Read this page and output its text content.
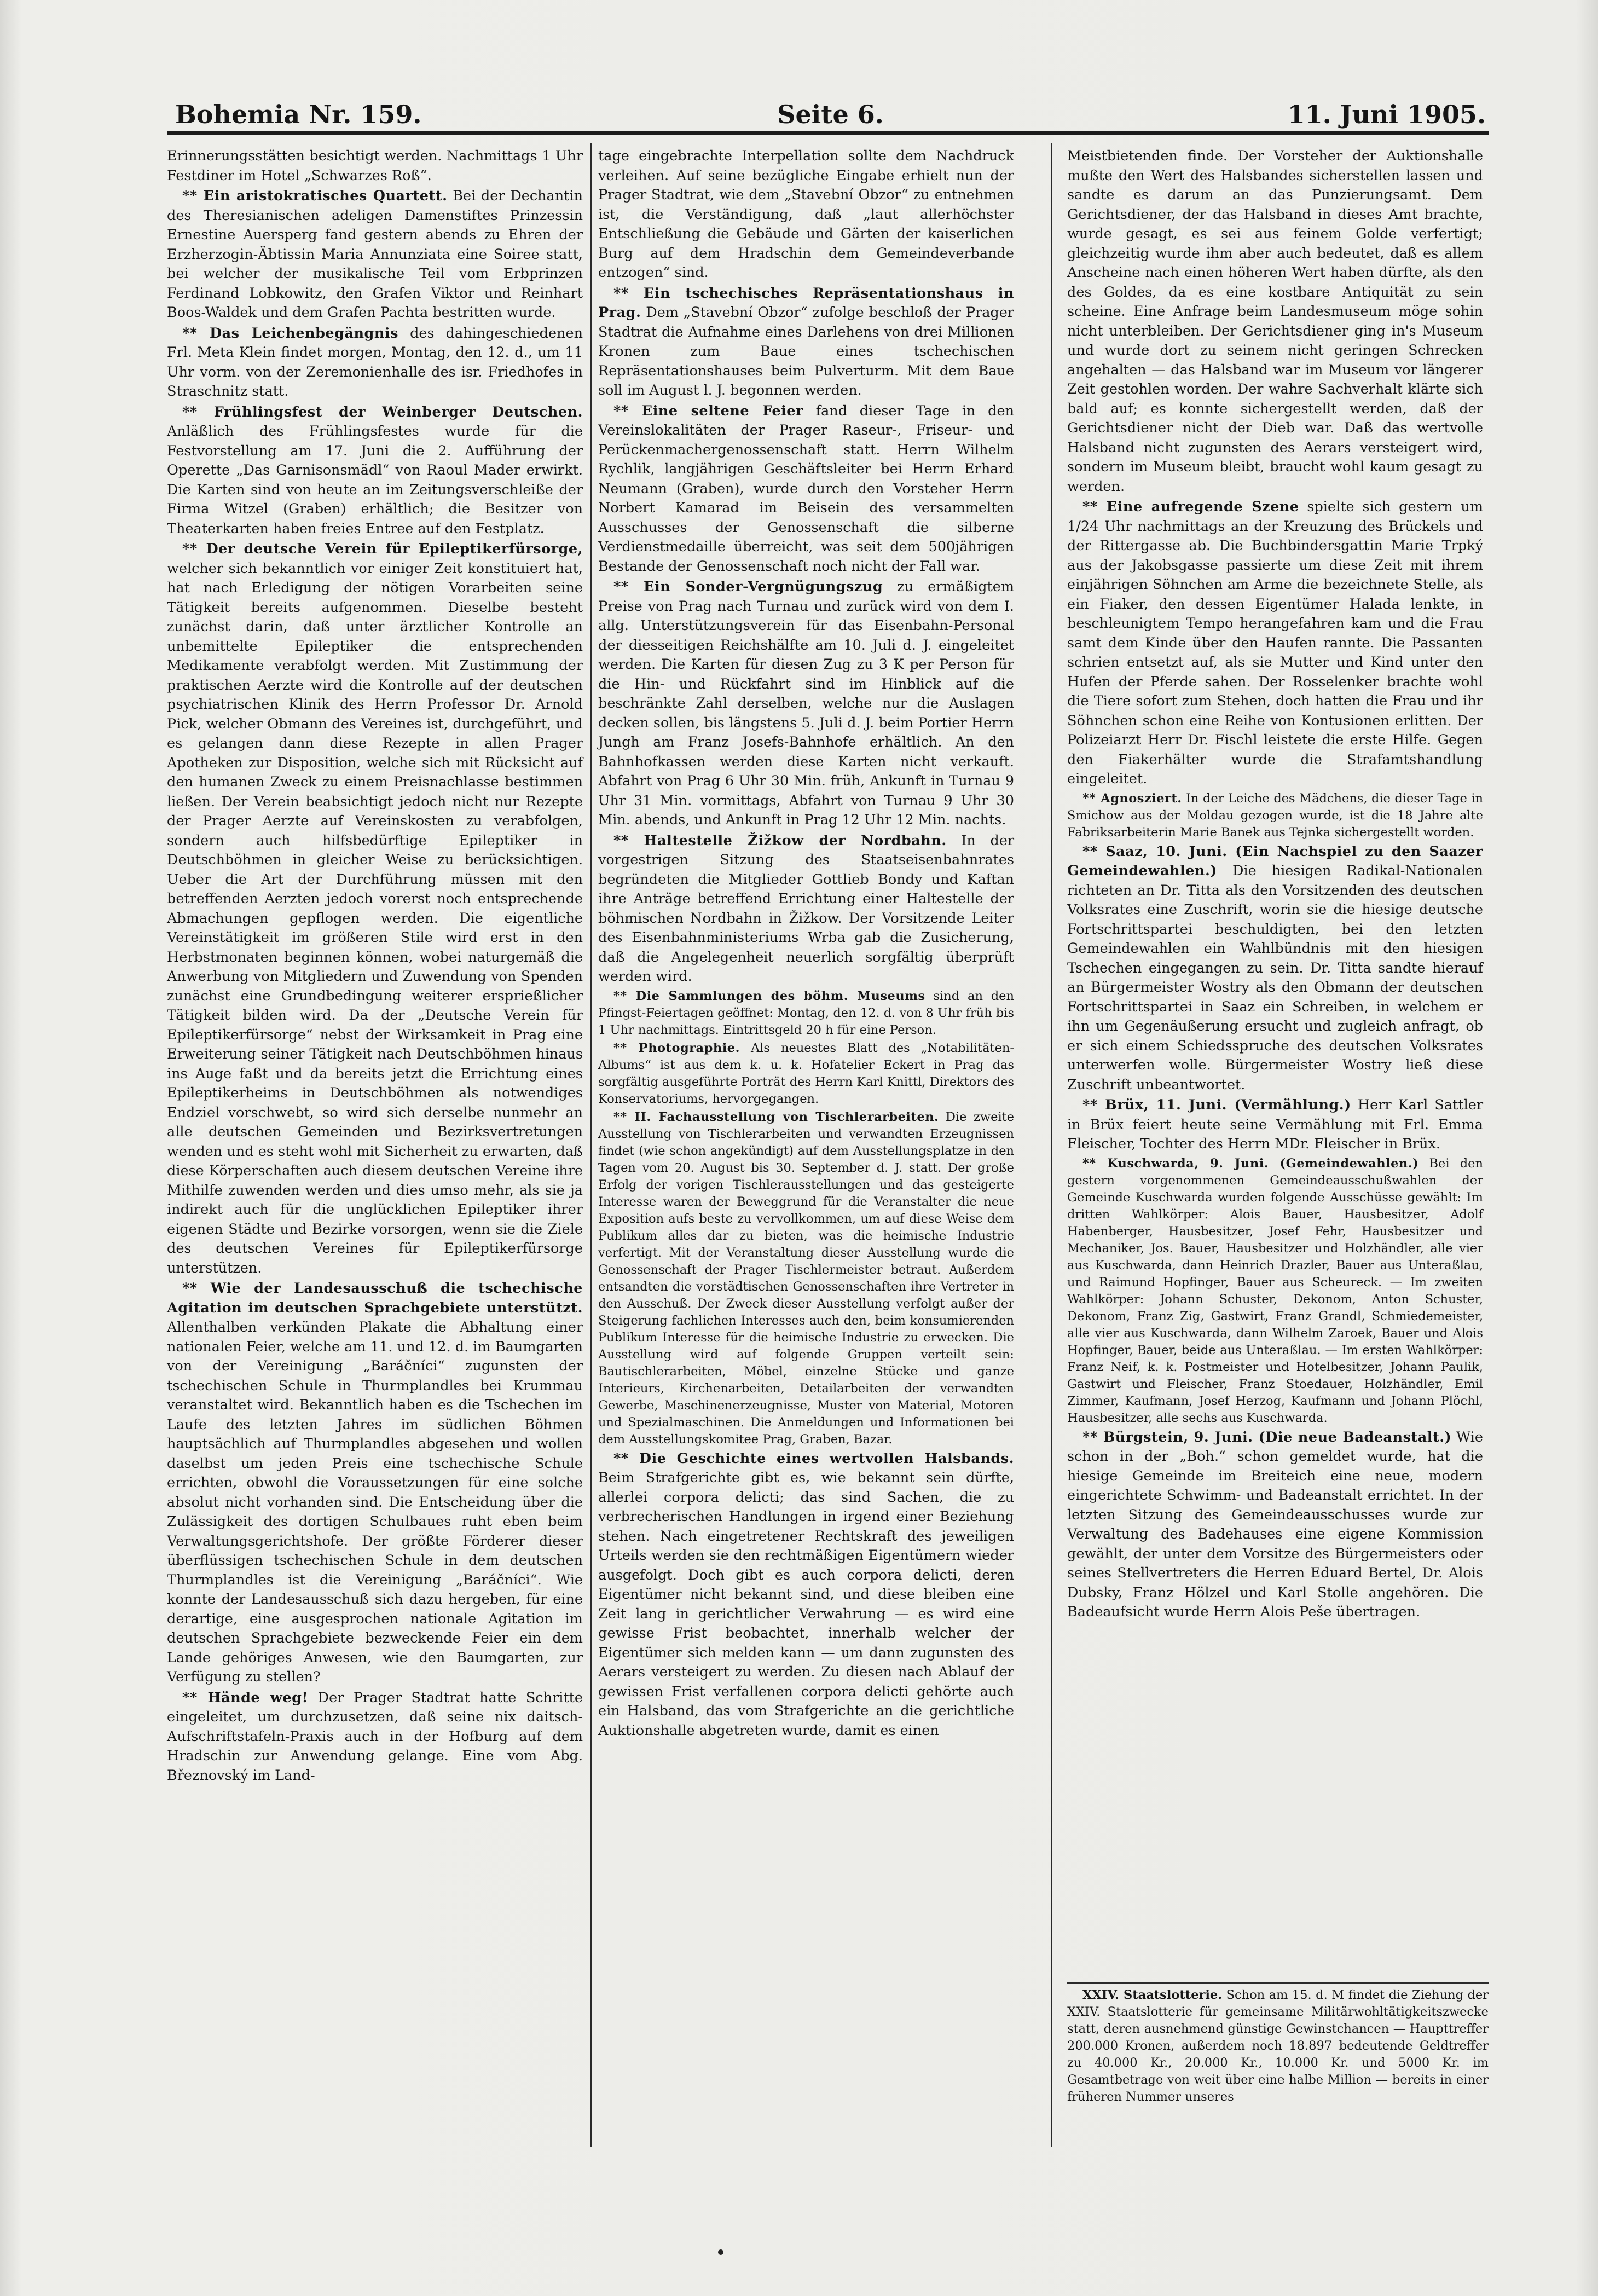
Bohemia Nr. 159.	Seite 6.	11. Juni 1905.

Erinnerungsstätten besichtigt werden. Nachmittags 1 Uhr Festdiner im Hotel „Schwarzes Roß“.

** Ein aristokratisches Quartett. Bei der Dechantin des Theresianischen adeligen Damenstiftes Prinzessin Ernestine Auersperg fand gestern abends zu Ehren der Erzherzogin-Äbtissin Maria Annunziata eine Soiree statt, bei welcher der musikalische Teil vom Erbprinzen Ferdinand Lobkowitz, den Grafen Viktor und Reinhart Boos-Waldek und dem Grafen Pachta bestritten wurde.

** Das Leichenbegängnis des dahingeschiedenen Frl. Meta Klein findet morgen, Montag, den 12. d., um 11 Uhr vorm. von der Zeremonienhalle des isr. Friedhofes in Straschnitz statt.

** Frühlingsfest der Weinberger Deutschen. Anläßlich des Frühlingsfestes wurde für die Festvorstellung am 17. Juni die 2. Aufführung der Operette „Das Garnisonsmädl“ von Raoul Mader erwirkt. Die Karten sind von heute an im Zeitungsverschleiße der Firma Witzel (Graben) erhältlich; die Besitzer von Theaterkarten haben freies Entree auf den Festplatz.

** Der deutsche Verein für Epileptikerfürsorge, welcher sich bekanntlich vor einiger Zeit konstituiert hat, hat nach Erledigung der nötigen Vorarbeiten seine Tätigkeit bereits aufgenommen. Dieselbe besteht zunächst darin, daß unter ärztlicher Kontrolle an unbemittelte Epileptiker die entsprechenden Medikamente verabfolgt werden. Mit Zustimmung der praktischen Aerzte wird die Kontrolle auf der deutschen psychiatrischen Klinik des Herrn Professor Dr. Arnold Pick, welcher Obmann des Vereines ist, durchgeführt, und es gelangen dann diese Rezepte in allen Prager Apotheken zur Disposition, welche sich mit Rücksicht auf den humanen Zweck zu einem Preisnachlasse bestimmen ließen. Der Verein beabsichtigt jedoch nicht nur Rezepte der Prager Aerzte auf Vereinskosten zu verabfolgen, sondern auch hilfsbedürftige Epileptiker in Deutschböhmen in gleicher Weise zu berücksichtigen. Ueber die Art der Durchführung müssen mit den betreffenden Aerzten jedoch vorerst noch entsprechende Abmachungen gepflogen werden. Die eigentliche Vereinstätigkeit im größeren Stile wird erst in den Herbstmonaten beginnen können, wobei naturgemäß die Anwerbung von Mitgliedern und Zuwendung von Spenden zunächst eine Grundbedingung weiterer ersprießlicher Tätigkeit bilden wird. Da der „Deutsche Verein für Epileptikerfürsorge“ nebst der Wirksamkeit in Prag eine Erweiterung seiner Tätigkeit nach Deutschböhmen hinaus ins Auge faßt und da bereits jetzt die Errichtung eines Epileptikerheims in Deutschböhmen als notwendiges Endziel vorschwebt, so wird sich derselbe nunmehr an alle deutschen Gemeinden und Bezirksvertretungen wenden und es steht wohl mit Sicherheit zu erwarten, daß diese Körperschaften auch diesem deutschen Vereine ihre Mithilfe zuwenden werden und dies umso mehr, als sie ja indirekt auch für die unglücklichen Epileptiker ihrer eigenen Städte und Bezirke vorsorgen, wenn sie die Ziele des deutschen Vereines für Epileptikerfürsorge unterstützen.

** Wie der Landesausschuß die tschechische Agitation im deutschen Sprachgebiete unterstützt. Allenthalben verkünden Plakate die Abhaltung einer nationalen Feier, welche am 11. und 12. d. im Baumgarten von der Vereinigung „Baráčníci“ zugunsten der tschechischen Schule in Thurmplandles bei Krummau veranstaltet wird. Bekanntlich haben es die Tschechen im Laufe des letzten Jahres im südlichen Böhmen hauptsächlich auf Thurmplandles abgesehen und wollen daselbst um jeden Preis eine tschechische Schule errichten, obwohl die Voraussetzungen für eine solche absolut nicht vorhanden sind. Die Entscheidung über die Zulässigkeit des dortigen Schulbaues ruht eben beim Verwaltungsgerichtshofe. Der größte Förderer dieser überflüssigen tschechischen Schule in dem deutschen Thurmplandles ist die Vereinigung „Baráčníci“. Wie konnte der Landesausschuß sich dazu hergeben, für eine derartige, eine ausgesprochen nationale Agitation im deutschen Sprachgebiete bezweckende Feier ein dem Lande gehöriges Anwesen, wie den Baumgarten, zur Verfügung zu stellen?

** Hände weg! Der Prager Stadtrat hatte Schritte eingeleitet, um durchzusetzen, daß seine nix daitsch-Aufschriftstafeln-Praxis auch in der Hofburg auf dem Hradschin zur Anwendung gelange. Eine vom Abg. Březnovský im Land-

tage eingebrachte Interpellation sollte dem Nachdruck verleihen. Auf seine bezügliche Eingabe erhielt nun der Prager Stadtrat, wie dem „Stavební Obzor“ zu entnehmen ist, die Verständigung, daß „laut allerhöchster Entschließung die Gebäude und Gärten der kaiserlichen Burg auf dem Hradschin dem Gemeindeverbande entzogen“ sind.

** Ein tschechisches Repräsentationshaus in Prag. Dem „Stavební Obzor“ zufolge beschloß der Prager Stadtrat die Aufnahme eines Darlehens von drei Millionen Kronen zum Baue eines tschechischen Repräsentationshauses beim Pulverturm. Mit dem Baue soll im August l. J. begonnen werden.

** Eine seltene Feier fand dieser Tage in den Vereinslokalitäten der Prager Raseur-, Friseur- und Perückenmachergenossenschaft statt. Herrn Wilhelm Rychlik, langjährigen Geschäftsleiter bei Herrn Erhard Neumann (Graben), wurde durch den Vorsteher Herrn Norbert Kamarad im Beisein des versammelten Ausschusses der Genossenschaft die silberne Verdienstmedaille überreicht, was seit dem 500jährigen Bestande der Genossenschaft noch nicht der Fall war.

** Ein Sonder-Vergnügungszug zu ermäßigtem Preise von Prag nach Turnau und zurück wird von dem I. allg. Unterstützungsverein für das Eisenbahn-Personal der diesseitigen Reichshälfte am 10. Juli d. J. eingeleitet werden. Die Karten für diesen Zug zu 3 K per Person für die Hin- und Rückfahrt sind im Hinblick auf die beschränkte Zahl derselben, welche nur die Auslagen decken sollen, bis längstens 5. Juli d. J. beim Portier Herrn Jungh am Franz Josefs-Bahnhofe erhältlich. An den Bahnhofkassen werden diese Karten nicht verkauft. Abfahrt von Prag 6 Uhr 30 Min. früh, Ankunft in Turnau 9 Uhr 31 Min. vormittags, Abfahrt von Turnau 9 Uhr 30 Min. abends, und Ankunft in Prag 12 Uhr 12 Min. nachts.

** Haltestelle Žižkow der Nordbahn. In der vorgestrigen Sitzung des Staatseisenbahnrates begründeten die Mitglieder Gottlieb Bondy und Kaftan ihre Anträge betreffend Errichtung einer Haltestelle der böhmischen Nordbahn in Žižkow. Der Vorsitzende Leiter des Eisenbahnministeriums Wrba gab die Zusicherung, daß die Angelegenheit neuerlich sorgfältig überprüft werden wird.

** Die Sammlungen des böhm. Museums sind an den Pfingst-Feiertagen geöffnet: Montag, den 12. d. von 8 Uhr früh bis 1 Uhr nachmittags. Eintrittsgeld 20 h für eine Person.

** Photographie. Als neuestes Blatt des „Notabilitäten-Albums“ ist aus dem k. u. k. Hofatelier Eckert in Prag das sorgfältig ausgeführte Porträt des Herrn Karl Knittl, Direktors des Konservatoriums, hervorgegangen.

** II. Fachausstellung von Tischlerarbeiten. Die zweite Ausstellung von Tischlerarbeiten und verwandten Erzeugnissen findet (wie schon angekündigt) auf dem Ausstellungsplatze in den Tagen vom 20. August bis 30. September d. J. statt. Der große Erfolg der vorigen Tischlerausstellungen und das gesteigerte Interesse waren der Beweggrund für die Veranstalter die neue Exposition aufs beste zu vervollkommen, um auf diese Weise dem Publikum alles dar zu bieten, was die heimische Industrie verfertigt. Mit der Veranstaltung dieser Ausstellung wurde die Genossenschaft der Prager Tischlermeister betraut. Außerdem entsandten die vorstädtischen Genossenschaften ihre Vertreter in den Ausschuß. Der Zweck dieser Ausstellung verfolgt außer der Steigerung fachlichen Interesses auch den, beim konsumierenden Publikum Interesse für die heimische Industrie zu erwecken. Die Ausstellung wird auf folgende Gruppen verteilt sein: Bautischlerarbeiten, Möbel, einzelne Stücke und ganze Interieurs, Kirchenarbeiten, Detailarbeiten der verwandten Gewerbe, Maschinenerzeugnisse, Muster von Material, Motoren und Spezialmaschinen. Die Anmeldungen und Informationen bei dem Ausstellungskomitee Prag, Graben, Bazar.

** Die Geschichte eines wertvollen Halsbands. Beim Strafgerichte gibt es, wie bekannt sein dürfte, allerlei corpora delicti; das sind Sachen, die zu verbrecherischen Handlungen in irgend einer Beziehung stehen. Nach eingetretener Rechtskraft des jeweiligen Urteils werden sie den rechtmäßigen Eigentümern wieder ausgefolgt. Doch gibt es auch corpora delicti, deren Eigentümer nicht bekannt sind, und diese bleiben eine Zeit lang in gerichtlicher Verwahrung — es wird eine gewisse Frist beobachtet, innerhalb welcher der Eigentümer sich melden kann — um dann zugunsten des Aerars versteigert zu werden. Zu diesen nach Ablauf der gewissen Frist verfallenen corpora delicti gehörte auch ein Halsband, das vom Strafgerichte an die gerichtliche Auktionshalle abgetreten wurde, damit es einen

Meistbietenden finde. Der Vorsteher der Auktionshalle mußte den Wert des Halsbandes sicherstellen lassen und sandte es darum an das Punzierungsamt. Dem Gerichtsdiener, der das Halsband in dieses Amt brachte, wurde gesagt, es sei aus feinem Golde verfertigt; gleichzeitig wurde ihm aber auch bedeutet, daß es allem Anscheine nach einen höheren Wert haben dürfte, als den des Goldes, da es eine kostbare Antiquität zu sein scheine. Eine Anfrage beim Landesmuseum möge sohin nicht unterbleiben. Der Gerichtsdiener ging in's Museum und wurde dort zu seinem nicht geringen Schrecken angehalten — das Halsband war im Museum vor längerer Zeit gestohlen worden. Der wahre Sachverhalt klärte sich bald auf; es konnte sichergestellt werden, daß der Gerichtsdiener nicht der Dieb war. Daß das wertvolle Halsband nicht zugunsten des Aerars versteigert wird, sondern im Museum bleibt, braucht wohl kaum gesagt zu werden.

** Eine aufregende Szene spielte sich gestern um 1/24 Uhr nachmittags an der Kreuzung des Brückels und der Rittergasse ab. Die Buchbindersgattin Marie Trpký aus der Jakobsgasse passierte um diese Zeit mit ihrem einjährigen Söhnchen am Arme die bezeichnete Stelle, als ein Fiaker, den dessen Eigentümer Halada lenkte, in beschleunigtem Tempo herangefahren kam und die Frau samt dem Kinde über den Haufen rannte. Die Passanten schrien entsetzt auf, als sie Mutter und Kind unter den Hufen der Pferde sahen. Der Rosselenker brachte wohl die Tiere sofort zum Stehen, doch hatten die Frau und ihr Söhnchen schon eine Reihe von Kontusionen erlitten. Der Polizeiarzt Herr Dr. Fischl leistete die erste Hilfe. Gegen den Fiakerhälter wurde die Strafamtshandlung eingeleitet.

** Agnosziert. In der Leiche des Mädchens, die dieser Tage in Smichow aus der Moldau gezogen wurde, ist die 18 Jahre alte Fabriksarbeiterin Marie Banek aus Tejnka sichergestellt worden.

** Saaz, 10. Juni. (Ein Nachspiel zu den Saazer Gemeindewahlen.) Die hiesigen Radikal-Nationalen richteten an Dr. Titta als den Vorsitzenden des deutschen Volksrates eine Zuschrift, worin sie die hiesige deutsche Fortschrittspartei beschuldigten, bei den letzten Gemeindewahlen ein Wahlbündnis mit den hiesigen Tschechen eingegangen zu sein. Dr. Titta sandte hierauf an Bürgermeister Wostry als den Obmann der deutschen Fortschrittspartei in Saaz ein Schreiben, in welchem er ihn um Gegenäußerung ersucht und zugleich anfragt, ob er sich einem Schiedsspruche des deutschen Volksrates unterwerfen wolle. Bürgermeister Wostry ließ diese Zuschrift unbeantwortet.

** Brüx, 11. Juni. (Vermählung.) Herr Karl Sattler in Brüx feiert heute seine Vermählung mit Frl. Emma Fleischer, Tochter des Herrn MDr. Fleischer in Brüx.

** Kuschwarda, 9. Juni. (Gemeindewahlen.) Bei den gestern vorgenommenen Gemeindeausschußwahlen der Gemeinde Kuschwarda wurden folgende Ausschüsse gewählt: Im dritten Wahlkörper: Alois Bauer, Hausbesitzer, Adolf Habenberger, Hausbesitzer, Josef Fehr, Hausbesitzer und Mechaniker, Jos. Bauer, Hausbesitzer und Holzhändler, alle vier aus Kuschwarda, dann Heinrich Drazler, Bauer aus Unteraßlau, und Raimund Hopfinger, Bauer aus Scheureck. — Im zweiten Wahlkörper: Johann Schuster, Dekonom, Anton Schuster, Dekonom, Franz Zig, Gastwirt, Franz Grandl, Schmiedemeister, alle vier aus Kuschwarda, dann Wilhelm Zaroek, Bauer und Alois Hopfinger, Bauer, beide aus Unteraßlau. — Im ersten Wahlkörper: Franz Neif, k. k. Postmeister und Hotelbesitzer, Johann Paulik, Gastwirt und Fleischer, Franz Stoedauer, Holzhändler, Emil Zimmer, Kaufmann, Josef Herzog, Kaufmann und Johann Plöchl, Hausbesitzer, alle sechs aus Kuschwarda.

** Bürgstein, 9. Juni. (Die neue Badeanstalt.) Wie schon in der „Boh.“ schon gemeldet wurde, hat die hiesige Gemeinde im Breiteich eine neue, modern eingerichtete Schwimm- und Badeanstalt errichtet. In der letzten Sitzung des Gemeindeausschusses wurde zur Verwaltung des Badehauses eine eigene Kommission gewählt, der unter dem Vorsitze des Bürgermeisters oder seines Stellvertreters die Herren Eduard Bertel, Dr. Alois Dubsky, Franz Hölzel und Karl Stolle angehören. Die Badeaufsicht wurde Herrn Alois Peše übertragen.

XXIV. Staatslotterie. Schon am 15. d. M findet die Ziehung der XXIV. Staatslotterie für gemeinsame Militärwohltätigkeitszwecke statt, deren ausnehmend günstige Gewinstchancen — Haupttreffer 200.000 Kronen, außerdem noch 18.897 bedeutende Geldtreffer zu 40.000 Kr., 20.000 Kr., 10.000 Kr. und 5000 Kr. im Gesamtbetrage von weit über eine halbe Million — bereits in einer früheren Nummer unseres
